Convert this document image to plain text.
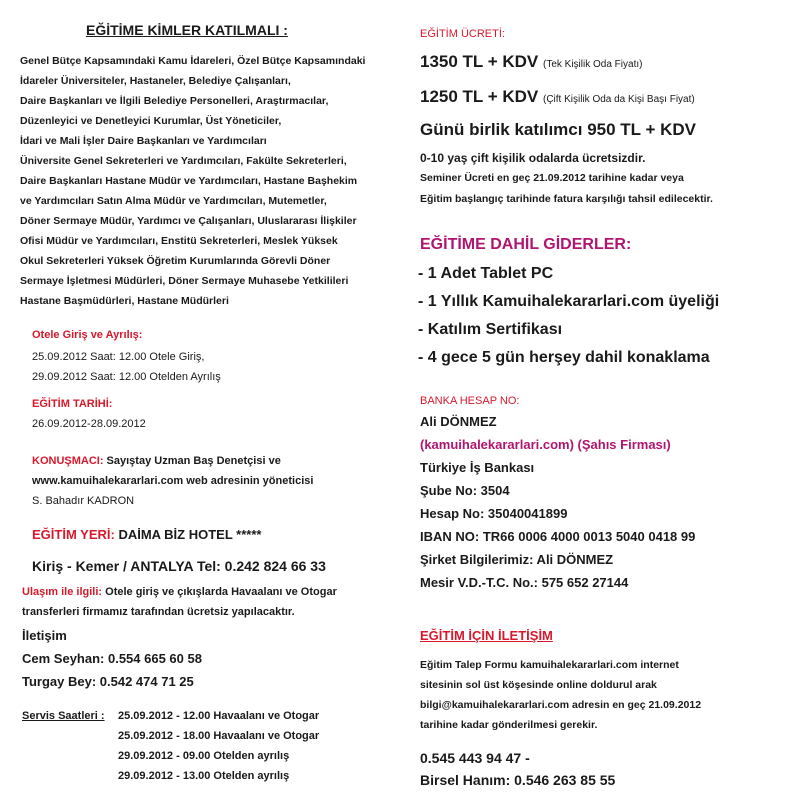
EĞİTİME KİMLER KATILMALI :
Genel Bütçe Kapsamındaki Kamu İdareleri, Özel Bütçe Kapsamındaki
İdareler Üniversiteler, Hastaneler, Belediye Çalışanları,
Daire Başkanları ve İlgili Belediye Personelleri, Araştırmacılar,
Düzenleyici ve Denetleyici Kurumlar, Üst Yöneticiler,
İdari ve Mali İşler Daire Başkanları ve Yardımcıları
Üniversite Genel Sekreterleri ve Yardımcıları, Fakülte Sekreterleri,
Daire Başkanları Hastane Müdür ve Yardımcıları, Hastane Başhekim
ve Yardımcıları Satın Alma Müdür ve Yardımcıları, Mutemetler,
Döner Sermaye Müdür, Yardımcı ve Çalışanları, Uluslararası İlişkiler
Ofisi Müdür ve Yardımcıları, Enstitü Sekreterleri, Meslek Yüksek
Okul Sekreterleri Yüksek Öğretim Kurumlarında Görevli Döner
Sermaye İşletmesi Müdürleri, Döner Sermaye Muhasebe Yetkilileri
Hastane Başmüdürleri, Hastane Müdürleri
Otele Giriş ve Ayrılış:
25.09.2012 Saat: 12.00 Otele Giriş,
29.09.2012 Saat: 12.00 Otelden Ayrılış
EĞİTİM TARİHİ:
26.09.2012-28.09.2012
KONUŞMACI: Sayıştay Uzman Baş Denetçisi ve
www.kamuihalekararlari.com web adresinin yöneticisi
S. Bahadır KADRON
EĞİTİM YERİ: DAİMA BİZ HOTEL *****
Kiriş - Kemer / ANTALYA Tel: 0.242 824 66 33
Ulaşım ile ilgili: Otele giriş ve çıkışlarda Havaalanı ve Otogar
transferleri firmamız tarafından ücretsiz yapılacaktır.
İletişim
Cem Seyhan: 0.554 665 60 58
Turgay Bey: 0.542 474 71 25
Servis Saatleri : 25.09.2012 - 12.00 Havaalanı ve Otogar
25.09.2012 - 18.00 Havaalanı ve Otogar
29.09.2012 - 09.00 Otelden ayrılış
29.09.2012 - 13.00 Otelden ayrılış
EĞİTİM ÜCRETİ:
1350 TL + KDV (Tek Kişilik Oda Fiyatı)
1250 TL + KDV (Çift Kişilik Oda da Kişi Başı Fiyat)
Günü birlik katılımcı 950 TL + KDV
0-10 yaş çift kişilik odalarda ücretsizdir.
Seminer Ücreti en geç 21.09.2012 tarihine kadar veya
Eğitim başlangıç tarihinde fatura karşılığı tahsil edilecektir.
EĞİTİME DAHİL GİDERLER:
- 1 Adet Tablet PC
- 1 Yıllık Kamuihalekararlari.com üyeliği
- Katılım Sertifikası
- 4 gece 5 gün herşey dahil konaklama
BANKA HESAP NO:
Ali DÖNMEZ
(kamuihalekararlari.com) (Şahıs Firması)
Türkiye İş Bankası
Şube No: 3504
Hesap No: 35040041899
IBAN NO: TR66 0006 4000 0013 5040 0418 99
Şirket Bilgilerimiz: Ali DÖNMEZ
Mesir V.D.-T.C. No.: 575 652 27144
EĞİTİM İÇİN İLETİŞİM
Eğitim Talep Formu kamuihalekararlari.com internet
sitesinin sol üst köşesinde online doldurul arak
bilgi@kamuihalekararlari.com adresin en geç 21.09.2012
tarihine kadar gönderilmesi gerekir.
0.545 443 94 47 -
Birsel Hanım: 0.546 263 85 55
